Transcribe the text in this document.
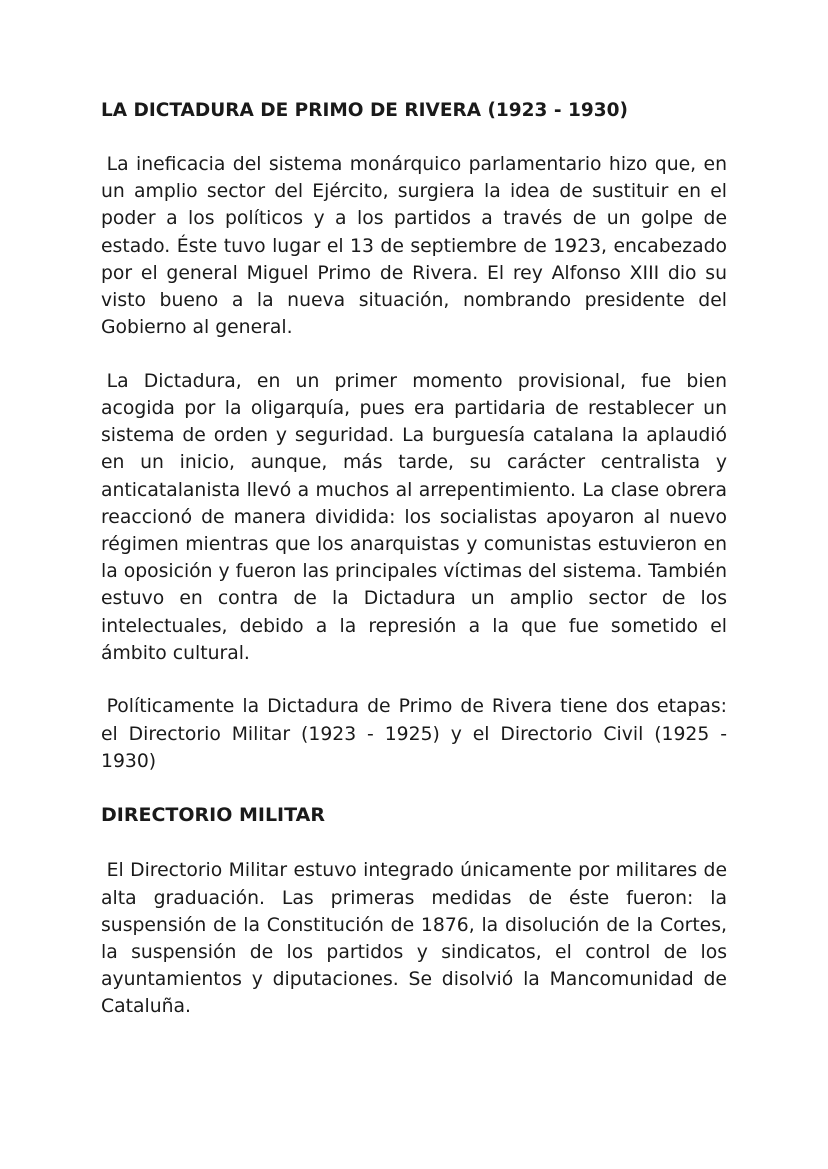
LA DICTADURA DE PRIMO DE RIVERA (1923 - 1930)

La ineficacia del sistema monárquico parlamentario hizo que, en un amplio sector del Ejército, surgiera la idea de sustituir en el poder a los políticos y a los partidos a través de un golpe de estado. Éste tuvo lugar el 13 de septiembre de 1923, encabezado por el general Miguel Primo de Rivera. El rey Alfonso XIII dio su visto bueno a la nueva situación, nombrando presidente del Gobierno al general.

La Dictadura, en un primer momento provisional, fue bien acogida por la oligarquía, pues era partidaria de restablecer un sistema de orden y seguridad. La burguesía catalana la aplaudió en un inicio, aunque, más tarde, su carácter centralista y anticatalanista llevó a muchos al arrepentimiento. La clase obrera reaccionó de manera dividida: los socialistas apoyaron al nuevo régimen mientras que los anarquistas y comunistas estuvieron en la oposición y fueron las principales víctimas del sistema. También estuvo en contra de la Dictadura un amplio sector de los intelectuales, debido a la represión a la que fue sometido el ámbito cultural.

Políticamente la Dictadura de Primo de Rivera tiene dos etapas: el Directorio Militar (1923 - 1925) y el Directorio Civil (1925 - 1930)

DIRECTORIO MILITAR

El Directorio Militar estuvo integrado únicamente por militares de alta graduación. Las primeras medidas de éste fueron: la suspensión de la Constitución de 1876, la disolución de la Cortes, la suspensión de los partidos y sindicatos, el control de los ayuntamientos y diputaciones. Se disolvió la Mancomunidad de Cataluña.
